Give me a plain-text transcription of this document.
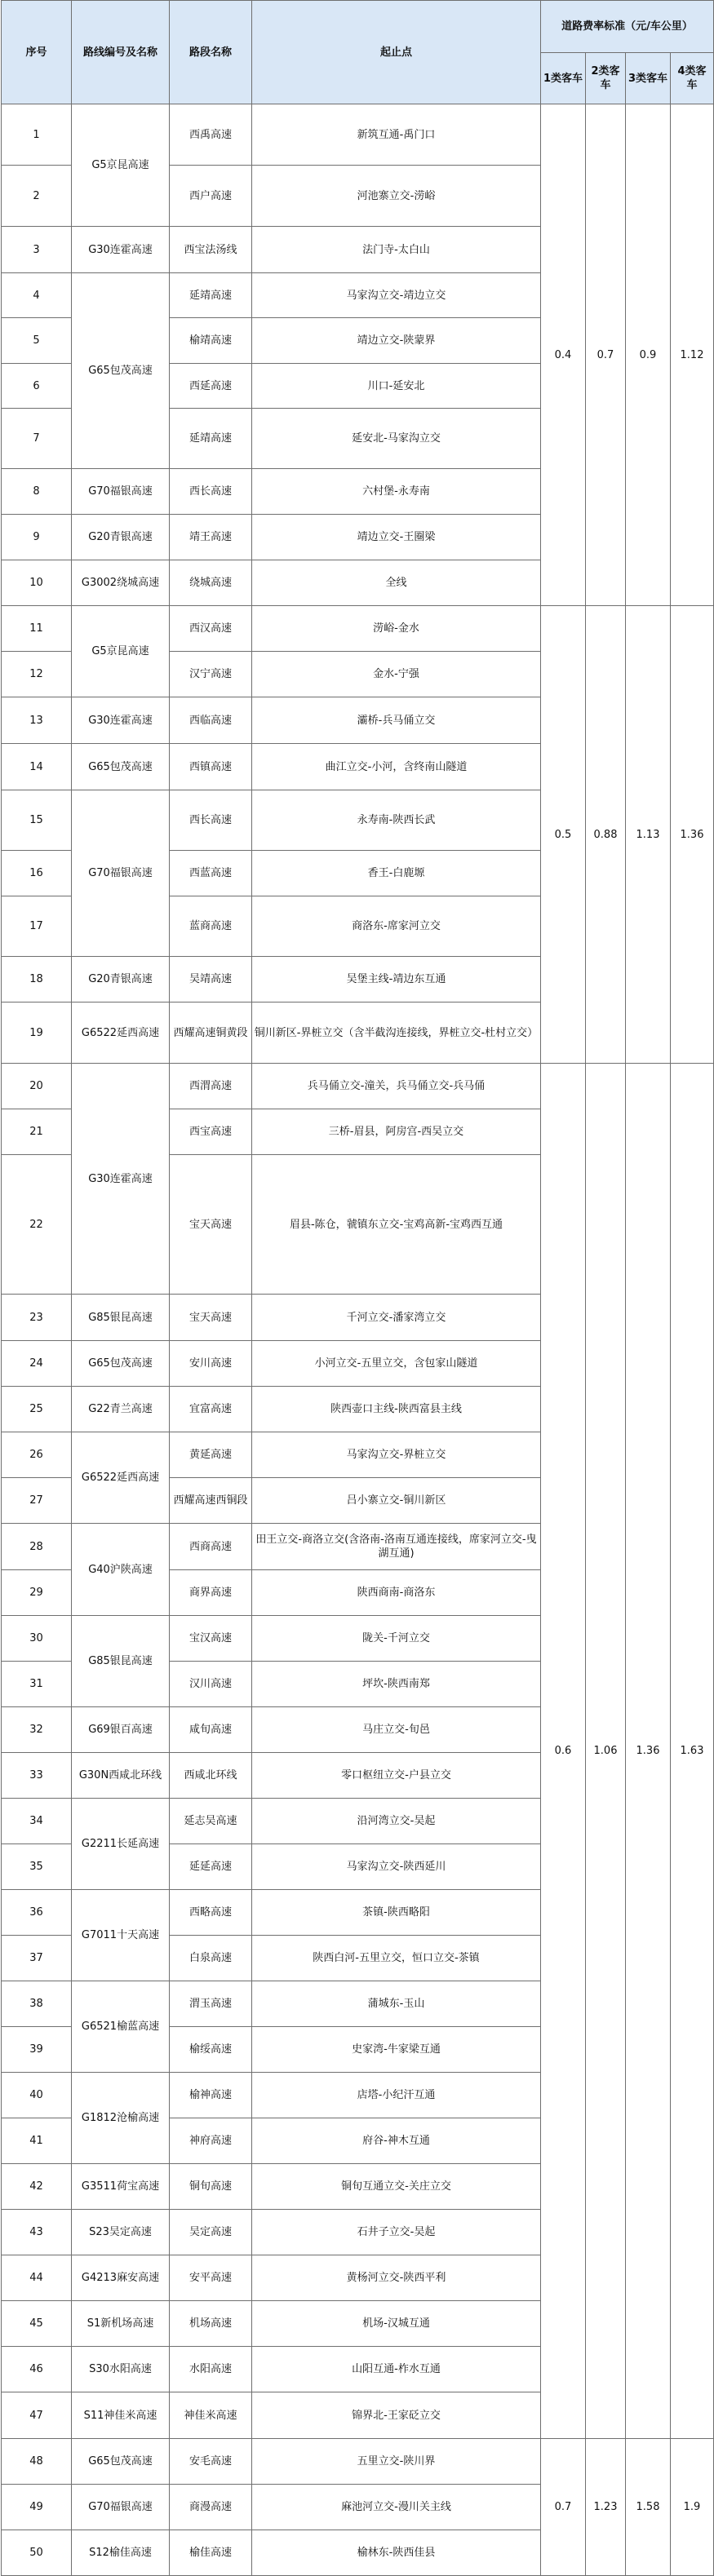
序号	路线编号及名称	路段名称	起止点	道路费率标准（元/车公里）			
				1类客车	2类客车	3类客车	4类客车
1	G5京昆高速	西禹高速	新筑互通-禹门口	0.4	0.7	0.9	1.12
2		西户高速	河池寨立交-涝峪				
3	G30连霍高速	西宝法汤线	法门寺-太白山				
4	G65包茂高速	延靖高速	马家沟立交-靖边立交				
5		榆靖高速	靖边立交-陕蒙界				
6		西延高速	川口-延安北				
7		延靖高速	延安北-马家沟立交				
8	G70福银高速	西长高速	六村堡-永寿南				
9	G20青银高速	靖王高速	靖边立交-王圈梁				
10	G3002绕城高速	绕城高速	全线				
11	G5京昆高速	西汉高速	涝峪-金水	0.5	0.88	1.13	1.36
12		汉宁高速	金水-宁强				
13	G30连霍高速	西临高速	灞桥-兵马俑立交				
14	G65包茂高速	西镇高速	曲江立交-小河，含终南山隧道				
15	G70福银高速	西长高速	永寿南-陕西长武				
16		西蓝高速	香王-白鹿塬				
17		蓝商高速	商洛东-席家河立交				
18	G20青银高速	吴靖高速	吴堡主线-靖边东互通				
19	G6522延西高速	西耀高速铜黄段	铜川新区-界桩立交（含半截沟连接线，界桩立交-杜村立交）				
20	G30连霍高速	西渭高速	兵马俑立交-潼关，兵马俑立交-兵马俑	0.6	1.06	1.36	1.63
21		西宝高速	三桥-眉县，阿房宫-西吴立交				
22		宝天高速	眉县-陈仓，虢镇东立交-宝鸡高新-宝鸡西互通				
23	G85银昆高速	宝天高速	千河立交-潘家湾立交				
24	G65包茂高速	安川高速	小河立交-五里立交，含包家山隧道				
25	G22青兰高速	宜富高速	陕西壶口主线-陕西富县主线				
26	G6522延西高速	黄延高速	马家沟立交-界桩立交				
27		西耀高速西铜段	吕小寨立交-铜川新区				
28	G40沪陕高速	西商高速	田王立交-商洛立交(含洛南-洛南互通连接线，席家河立交-曳湖互通)				
29		商界高速	陕西商南-商洛东				
30	G85银昆高速	宝汉高速	陇关-千河立交				
31		汉川高速	坪坎-陕西南郑				
32	G69银百高速	咸旬高速	马庄立交-旬邑				
33	G30N西咸北环线	西咸北环线	零口枢纽立交-户县立交				
34	G2211长延高速	延志吴高速	沿河湾立交-吴起				
35		延延高速	马家沟立交-陕西延川				
36	G7011十天高速	西略高速	茶镇-陕西略阳				
37		白泉高速	陕西白河-五里立交，恒口立交-茶镇				
38	G6521榆蓝高速	渭玉高速	蒲城东-玉山				
39		榆绥高速	史家湾-牛家梁互通				
40	G1812沧榆高速	榆神高速	店塔-小纪汗互通				
41		神府高速	府谷-神木互通				
42	G3511荷宝高速	铜旬高速	铜旬互通立交-关庄立交				
43	S23吴定高速	吴定高速	石井子立交-吴起				
44	G4213麻安高速	安平高速	黄杨河立交-陕西平利				
45	S1新机场高速	机场高速	机场-汉城互通				
46	S30水阳高速	水阳高速	山阳互通-柞水互通				
47	S11神佳米高速	神佳米高速	锦界北-王家砭立交				
48	G65包茂高速	安毛高速	五里立交-陕川界	0.7	1.23	1.58	1.9
49	G70福银高速	商漫高速	麻池河立交-漫川关主线				
50	S12榆佳高速	榆佳高速	榆林东-陕西佳县				
